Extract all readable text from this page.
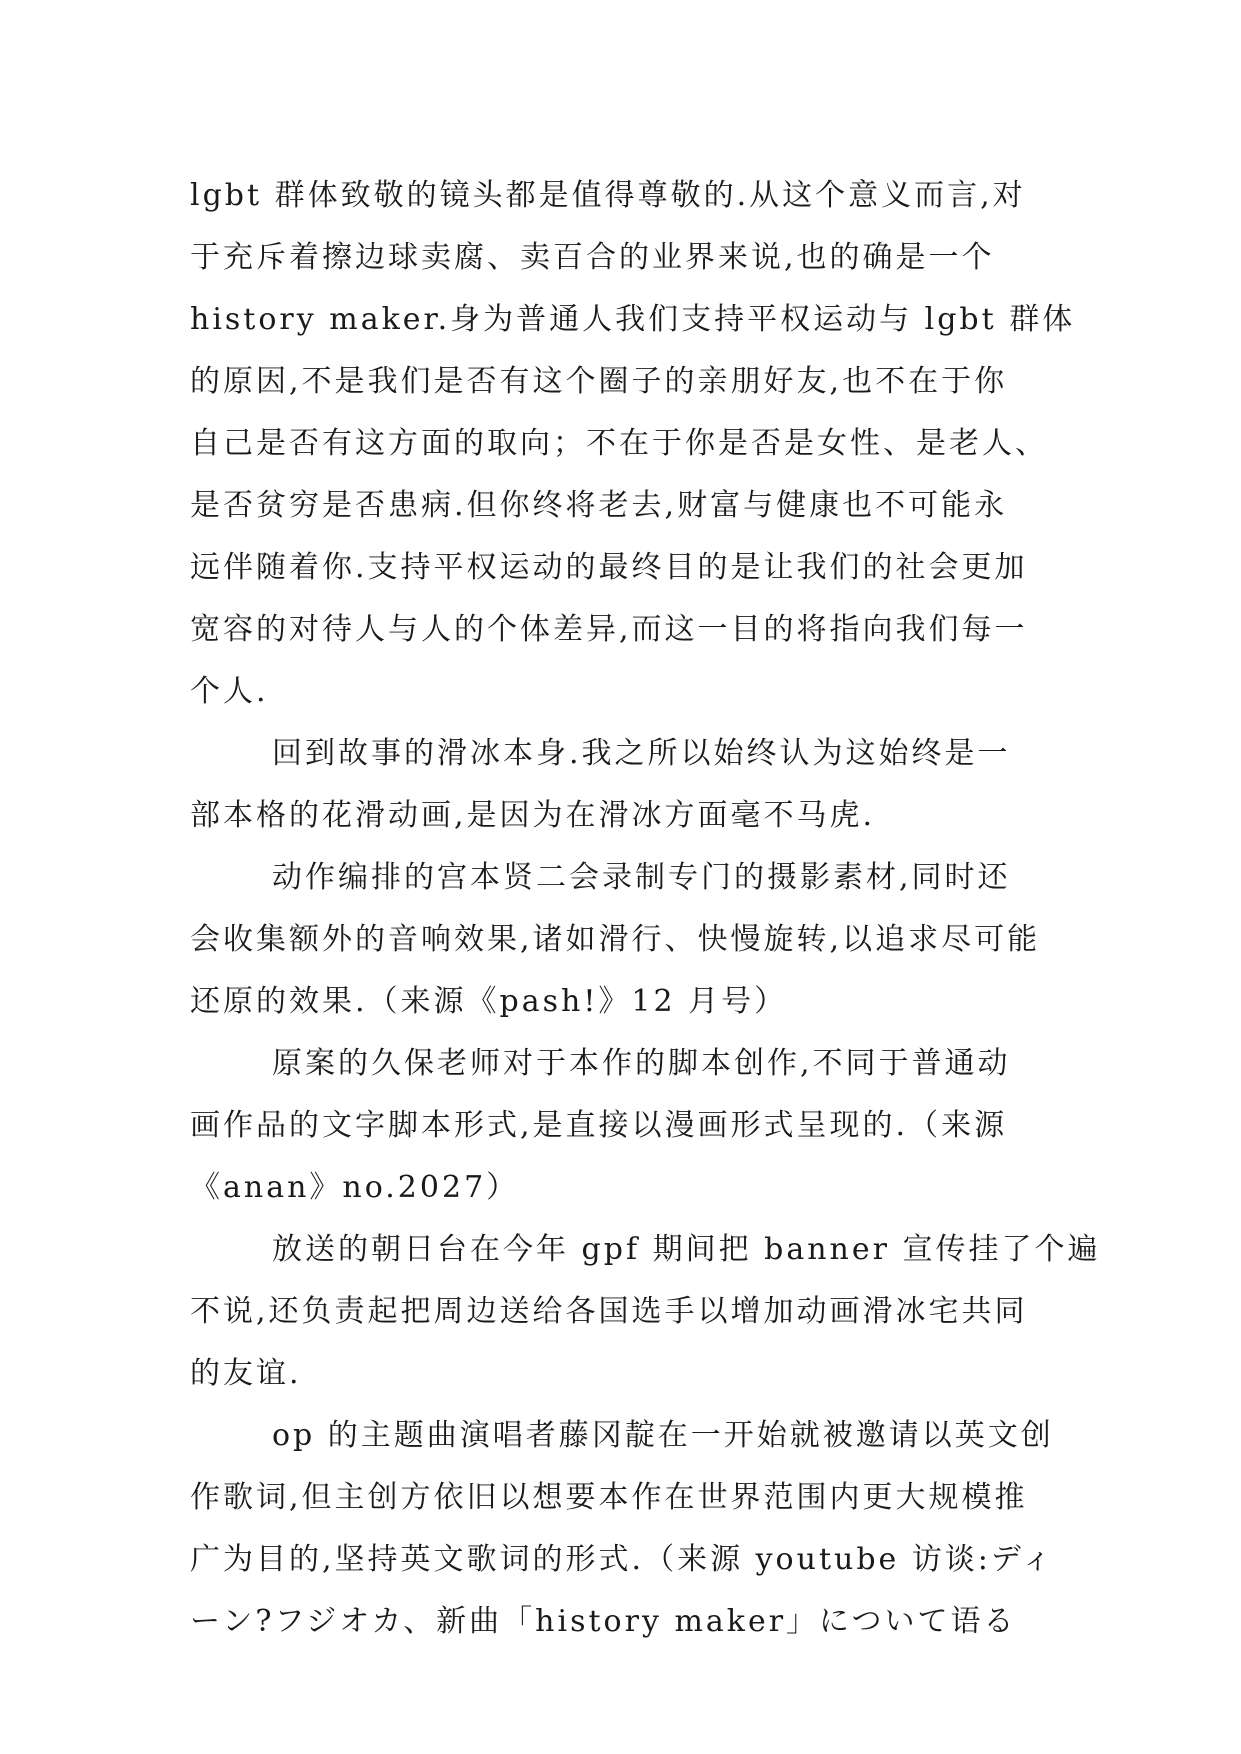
lgbt 群体致敬的镜头都是值得尊敬的.从这个意义而言,对
于充斥着擦边球卖腐、卖百合的业界来说,也的确是一个
history maker.身为普通人我们支持平权运动与 lgbt 群体
的原因,不是我们是否有这个圈子的亲朋好友,也不在于你
自己是否有这方面的取向；不在于你是否是女性、是老人、
是否贫穷是否患病.但你终将老去,财富与健康也不可能永
远伴随着你.支持平权运动的最终目的是让我们的社会更加
宽容的对待人与人的个体差异,而这一目的将指向我们每一
个人.
回到故事的滑冰本身.我之所以始终认为这始终是一
部本格的花滑动画,是因为在滑冰方面毫不马虎.
动作编排的宫本贤二会录制专门的摄影素材,同时还
会收集额外的音响效果,诸如滑行、快慢旋转,以追求尽可能
还原的效果.（来源《pash!》12 月号）
原案的久保老师对于本作的脚本创作,不同于普通动
画作品的文字脚本形式,是直接以漫画形式呈现的.（来源
《anan》no.2027）
放送的朝日台在今年 gpf 期间把 banner 宣传挂了个遍
不说,还负责起把周边送给各国选手以增加动画滑冰宅共同
的友谊.
op 的主题曲演唱者藤冈靛在一开始就被邀请以英文创
作歌词,但主创方依旧以想要本作在世界范围内更大规模推
广为目的,坚持英文歌词的形式.（来源 youtube 访谈:ディ
ーン?フジオカ、新曲「history maker」について语る
